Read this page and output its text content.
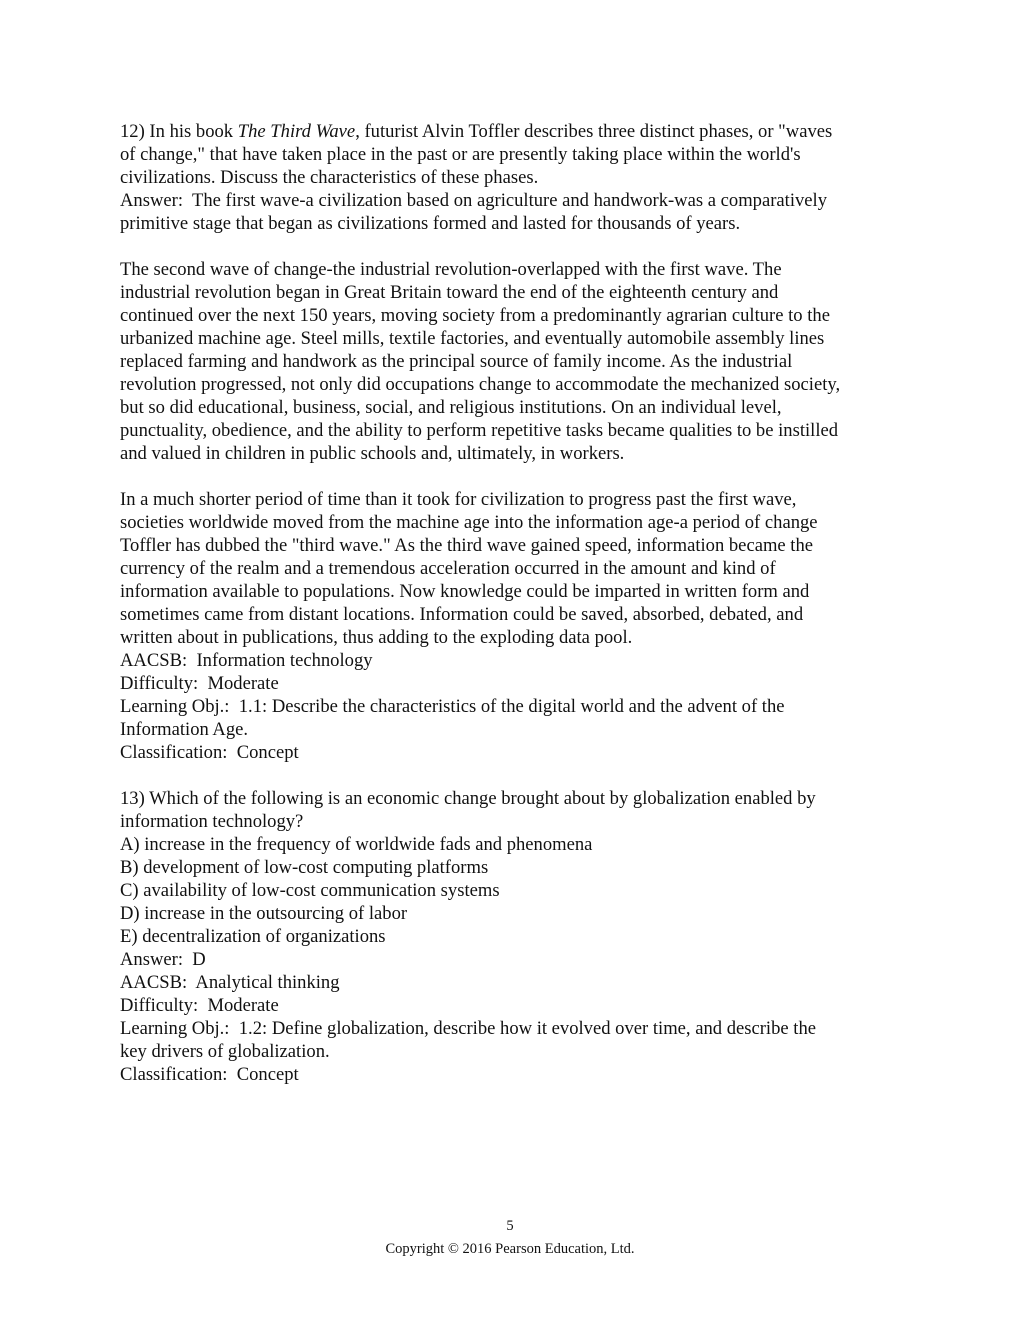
12) In his book The Third Wave, futurist Alvin Toffler describes three distinct phases, or "waves
of change," that have taken place in the past or are presently taking place within the world's
civilizations. Discuss the characteristics of these phases.
Answer:  The first wave-a civilization based on agriculture and handwork-was a comparatively
primitive stage that began as civilizations formed and lasted for thousands of years.
The second wave of change-the industrial revolution-overlapped with the first wave. The
industrial revolution began in Great Britain toward the end of the eighteenth century and
continued over the next 150 years, moving society from a predominantly agrarian culture to the
urbanized machine age. Steel mills, textile factories, and eventually automobile assembly lines
replaced farming and handwork as the principal source of family income. As the industrial
revolution progressed, not only did occupations change to accommodate the mechanized society,
but so did educational, business, social, and religious institutions. On an individual level,
punctuality, obedience, and the ability to perform repetitive tasks became qualities to be instilled
and valued in children in public schools and, ultimately, in workers.
In a much shorter period of time than it took for civilization to progress past the first wave,
societies worldwide moved from the machine age into the information age-a period of change
Toffler has dubbed the "third wave." As the third wave gained speed, information became the
currency of the realm and a tremendous acceleration occurred in the amount and kind of
information available to populations. Now knowledge could be imparted in written form and
sometimes came from distant locations. Information could be saved, absorbed, debated, and
written about in publications, thus adding to the exploding data pool.
AACSB:  Information technology
Difficulty:  Moderate
Learning Obj.:  1.1: Describe the characteristics of the digital world and the advent of the
Information Age.
Classification:  Concept
13) Which of the following is an economic change brought about by globalization enabled by
information technology?
A) increase in the frequency of worldwide fads and phenomena
B) development of low-cost computing platforms
C) availability of low-cost communication systems
D) increase in the outsourcing of labor
E) decentralization of organizations
Answer:  D
AACSB:  Analytical thinking
Difficulty:  Moderate
Learning Obj.:  1.2: Define globalization, describe how it evolved over time, and describe the
key drivers of globalization.
Classification:  Concept
5
Copyright © 2016 Pearson Education, Ltd.
